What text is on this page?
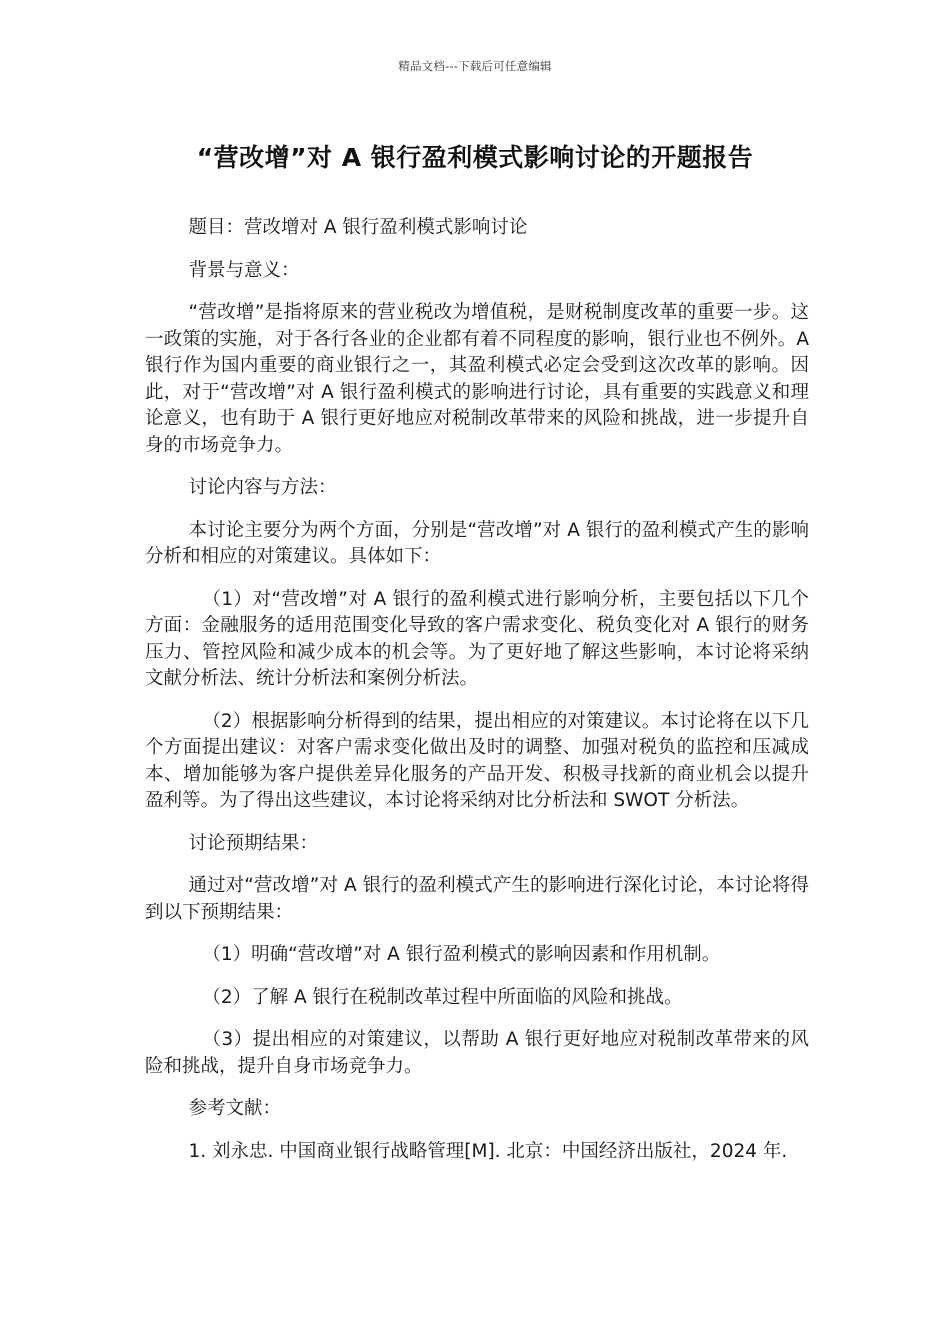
精品文档---下载后可任意编辑
“营改增”对 A 银行盈利模式影响讨论的开题报告

题目：营改增对 A 银行盈利模式影响讨论

背景与意义：

“营改增”是指将原来的营业税改为增值税，是财税制度改革的重要一步。这一政策的实施，对于各行各业的企业都有着不同程度的影响，银行业也不例外。A 银行作为国内重要的商业银行之一，其盈利模式必定会受到这次改革的影响。因此，对于“营改增”对 A 银行盈利模式的影响进行讨论，具有重要的实践意义和理论意义，也有助于 A 银行更好地应对税制改革带来的风险和挑战，进一步提升自身的市场竞争力。

讨论内容与方法：

本讨论主要分为两个方面，分别是“营改增”对 A 银行的盈利模式产生的影响分析和相应的对策建议。具体如下：

（1）对“营改增”对 A 银行的盈利模式进行影响分析，主要包括以下几个方面：金融服务的适用范围变化导致的客户需求变化、税负变化对 A 银行的财务压力、管控风险和减少成本的机会等。为了更好地了解这些影响，本讨论将采纳文献分析法、统计分析法和案例分析法。

（2）根据影响分析得到的结果，提出相应的对策建议。本讨论将在以下几个方面提出建议：对客户需求变化做出及时的调整、加强对税负的监控和压减成本、增加能够为客户提供差异化服务的产品开发、积极寻找新的商业机会以提升盈利等。为了得出这些建议，本讨论将采纳对比分析法和 SWOT 分析法。

讨论预期结果：

通过对“营改增”对 A 银行的盈利模式产生的影响进行深化讨论，本讨论将得到以下预期结果：

（1）明确“营改增”对 A 银行盈利模式的影响因素和作用机制。

（2）了解 A 银行在税制改革过程中所面临的风险和挑战。

（3）提出相应的对策建议，以帮助 A 银行更好地应对税制改革带来的风险和挑战，提升自身市场竞争力。

参考文献：

1. 刘永忠. 中国商业银行战略管理[M]. 北京：中国经济出版社，2024 年.
